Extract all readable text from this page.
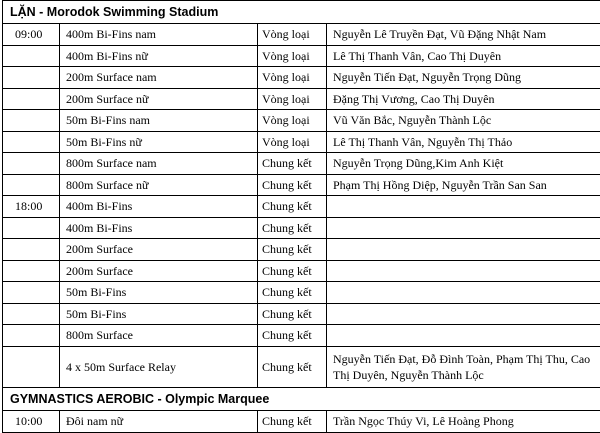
LẶN - Morodok Swimming Stadium			
09:00	400m Bi-Fins nam	Vòng loại	Nguyễn Lê Truyền Đạt, Vũ Đặng Nhật Nam
	400m Bi-Fins nữ	Vòng loại	Lê Thị Thanh Vân, Cao Thị Duyên
	200m Surface nam	Vòng loại	Nguyễn Tiến Đạt, Nguyễn Trọng Dũng
	200m Surface nữ	Vòng loại	Đặng Thị Vương, Cao Thị Duyên
	50m Bi-Fins nam	Vòng loại	Vũ Văn Bắc, Nguyễn Thành Lộc
	50m Bi-Fins nữ	Vòng loại	Lê Thị Thanh Vân, Nguyễn Thị Thảo
	800m Surface nam	Chung kết	Nguyễn Trọng Dũng,Kim Anh Kiệt
	800m Surface nữ	Chung kết	Phạm Thị Hồng Diệp, Nguyễn Trần San San
18:00	400m Bi-Fins	Chung kết	
	400m Bi-Fins	Chung kết	
	200m Surface	Chung kết	
	200m Surface	Chung kết	
	50m Bi-Fins	Chung kết	
	50m Bi-Fins	Chung kết	
	800m Surface	Chung kết	
	4 x 50m Surface Relay	Chung kết	Nguyễn Tiến Đạt, Đỗ Đình Toàn, Phạm Thị Thu, Cao Thị Duyên, Nguyễn Thành Lộc
GYMNASTICS AEROBIC - Olympic Marquee			
10:00	Đôi nam nữ	Chung kết	Trần Ngọc Thúy Vi, Lê Hoàng Phong
